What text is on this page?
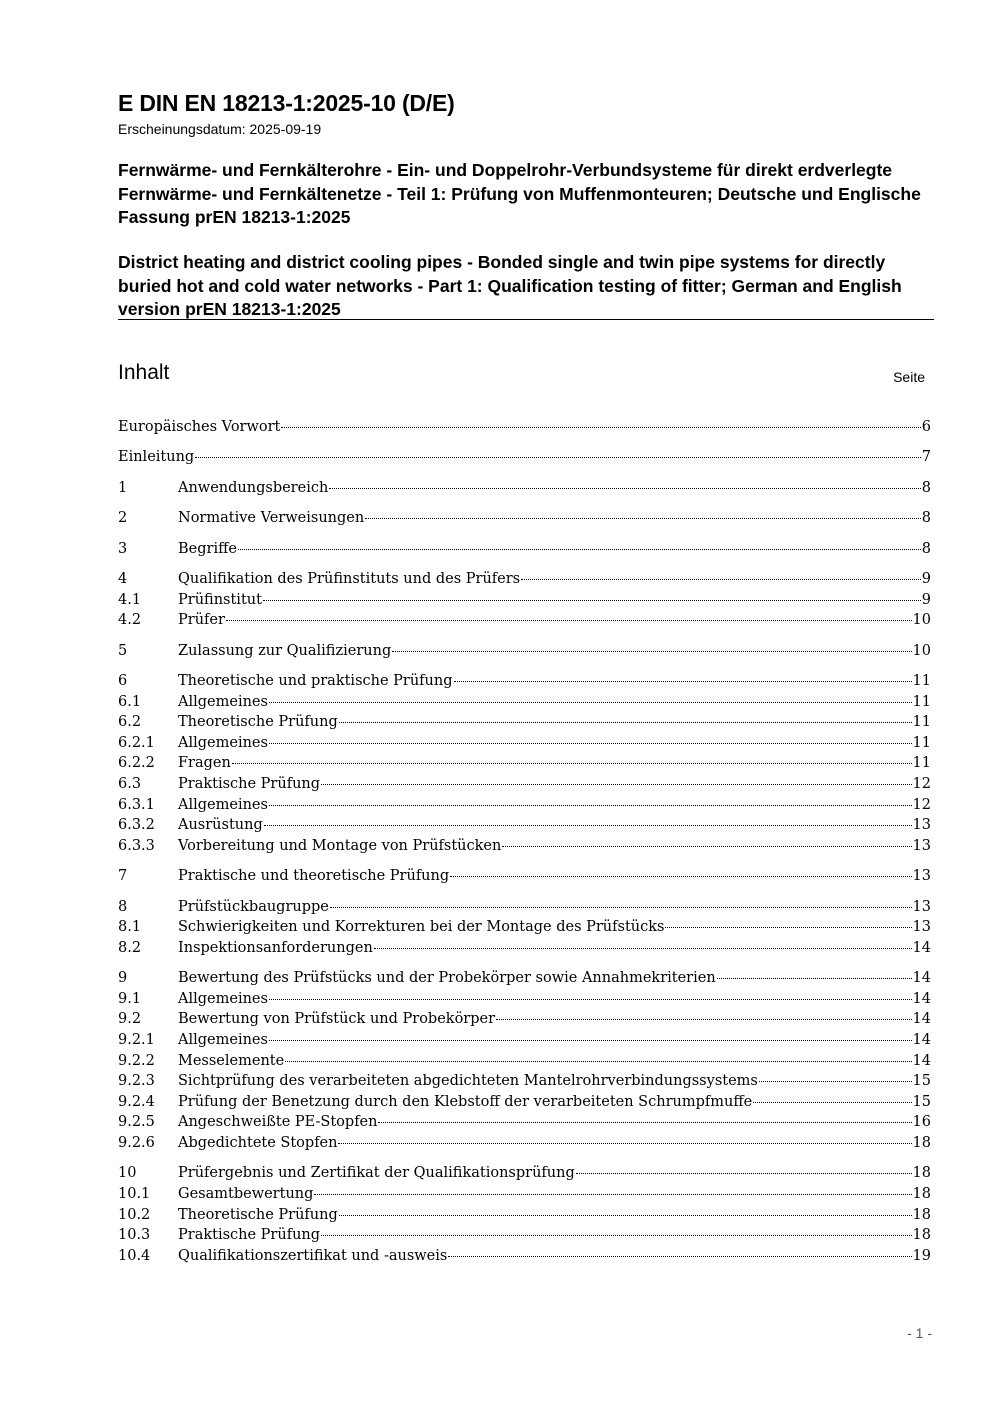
E DIN EN 18213-1:2025-10 (D/E)
Erscheinungsdatum: 2025-09-19
Fernwärme- und Fernkälterohre - Ein- und Doppelrohr-Verbundsysteme für direkt erdverlegte Fernwärme- und Fernkältenetze - Teil 1: Prüfung von Muffenmonteuren; Deutsche und Englische Fassung prEN 18213-1:2025
District heating and district cooling pipes - Bonded single and twin pipe systems for directly buried hot and cold water networks - Part 1: Qualification testing of fitter; German and English version prEN 18213-1:2025
Inhalt	Seite
Europäisches Vorwort	6
Einleitung	7
1	Anwendungsbereich	8
2	Normative Verweisungen	8
3	Begriffe	8
4	Qualifikation des Prüfinstituts und des Prüfers	9
4.1	Prüfinstitut	9
4.2	Prüfer	10
5	Zulassung zur Qualifizierung	10
6	Theoretische und praktische Prüfung	11
6.1	Allgemeines	11
6.2	Theoretische Prüfung	11
6.2.1	Allgemeines	11
6.2.2	Fragen	11
6.3	Praktische Prüfung	12
6.3.1	Allgemeines	12
6.3.2	Ausrüstung	13
6.3.3	Vorbereitung und Montage von Prüfstücken	13
7	Praktische und theoretische Prüfung	13
8	Prüfstückbaugruppe	13
8.1	Schwierigkeiten und Korrekturen bei der Montage des Prüfstücks	13
8.2	Inspektionsanforderungen	14
9	Bewertung des Prüfstücks und der Probekörper sowie Annahmekriterien	14
9.1	Allgemeines	14
9.2	Bewertung von Prüfstück und Probekörper	14
9.2.1	Allgemeines	14
9.2.2	Messelemente	14
9.2.3	Sichtprüfung des verarbeiteten abgedichteten Mantelrohrverbindungssystems	15
9.2.4	Prüfung der Benetzung durch den Klebstoff der verarbeiteten Schrumpfmuffe	15
9.2.5	Angeschweißte PE-Stopfen	16
9.2.6	Abgedichtete Stopfen	18
10	Prüfergebnis und Zertifikat der Qualifikationsprüfung	18
10.1	Gesamtbewertung	18
10.2	Theoretische Prüfung	18
10.3	Praktische Prüfung	18
10.4	Qualifikationszertifikat und -ausweis	19
- 1 -
